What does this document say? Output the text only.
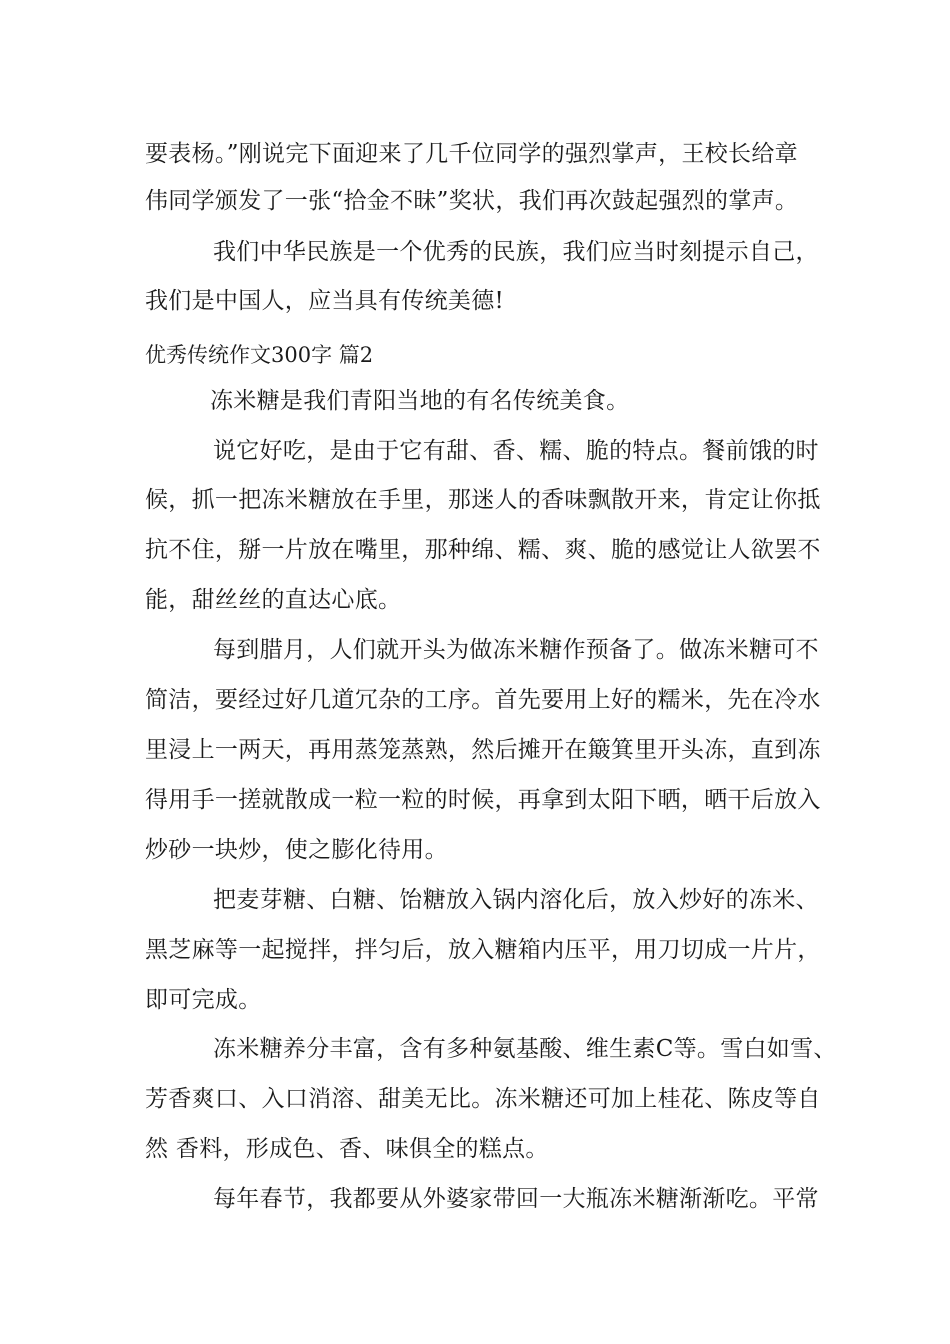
要表杨。”刚说完下面迎来了几千位同学的强烈掌声，王校长给章
伟同学颁发了一张“拾金不昧”奖状，我们再次鼓起强烈的掌声。
我们中华民族是一个优秀的民族，我们应当时刻提示自己，
我们是中国人，应当具有传统美德!
优秀传统作文300字 篇2
冻米糖是我们青阳当地的有名传统美食。
说它好吃，是由于它有甜、香、糯、脆的特点。餐前饿的时
候，抓一把冻米糖放在手里，那迷人的香味飘散开来，肯定让你抵
抗不住，掰一片放在嘴里，那种绵、糯、爽、脆的感觉让人欲罢不
能，甜丝丝的直达心底。
每到腊月，人们就开头为做冻米糖作预备了。做冻米糖可不
简洁，要经过好几道冗杂的工序。首先要用上好的糯米，先在冷水
里浸上一两天，再用蒸笼蒸熟，然后摊开在簸箕里开头冻，直到冻
得用手一搓就散成一粒一粒的时候，再拿到太阳下晒，晒干后放入
炒砂一块炒，使之膨化待用。
把麦芽糖、白糖、饴糖放入锅内溶化后，放入炒好的冻米、
黑芝麻等一起搅拌，拌匀后，放入糖箱内压平，用刀切成一片片，
即可完成。
冻米糖养分丰富，含有多种氨基酸、维生素C等。雪白如雪、
芳香爽口、入口消溶、甜美无比。冻米糖还可加上桂花、陈皮等自
然 香料，形成色、香、味俱全的糕点。
每年春节，我都要从外婆家带回一大瓶冻米糖渐渐吃。平常
